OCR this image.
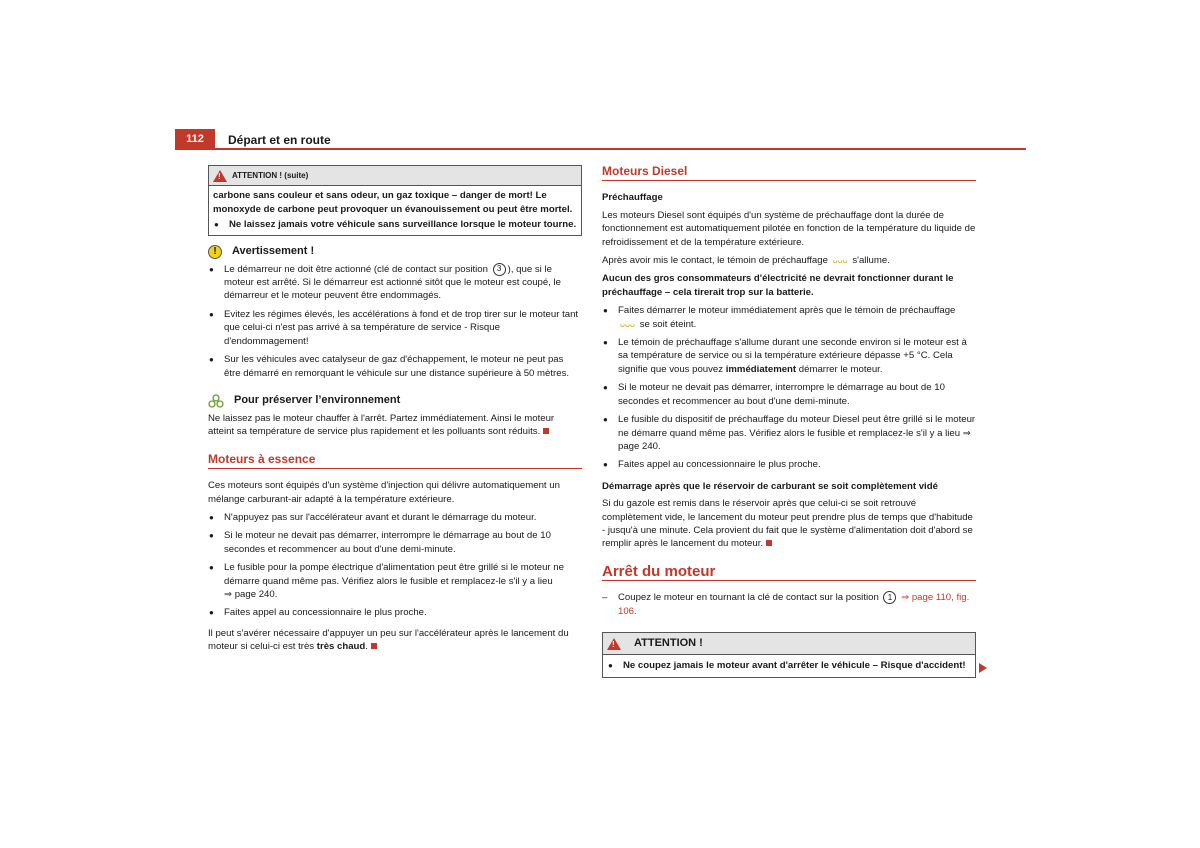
112	Départ et en route
! ATTENTION ! (suite)

carbone sans couleur et sans odeur, un gaz toxique – danger de mort! Le monoxyde de carbone peut provoquer un évanouissement ou peut être mortel.

● Ne laissez jamais votre véhicule sans surveillance lorsque le moteur tourne.
!	Avertissement !
● Le démarreur ne doit être actionné (clé de contact sur position 3 ), que si le moteur est arrêté. Si le démarreur est actionné sitôt que le moteur est coupé, le démarreur et le moteur peuvent être endommagés.
● Evitez les régimes élevés, les accélérations à fond et de trop tirer sur le moteur tant que celui-ci n'est pas arrivé à sa température de service - Risque d'endommagement!
● Sur les véhicules avec catalyseur de gaz d'échappement, le moteur ne peut pas être démarré en remorquant le véhicule sur une distance supérieure à 50 mètres.
Pour préserver l’environnement

Ne laissez pas le moteur chauffer à l'arrêt. Partez immédiatement. Ainsi le moteur atteint sa température de service plus rapidement et les polluants sont réduits.

Moteurs à essence

Ces moteurs sont équipés d'un système d'injection qui délivre automatiquement un mélange carburant-air adapté à la température extérieure.

● N'appuyez pas sur l'accélérateur avant et durant le démarrage du moteur.
● Si le moteur ne devait pas démarrer, interrompre le démarrage au bout de 10 secondes et recommencer au bout d'une demi-minute.
● Le fusible pour la pompe électrique d'alimentation peut être grillé si le moteur ne démarre quand même pas. Vérifiez alors le fusible et remplacez-le s'il y a lieu
⇒ page 240.
● Faites appel au concessionnaire le plus proche.

Il peut s'avérer nécessaire d'appuyer un peu sur l'accélérateur après le lancement du moteur si celui-ci est très très chaud.

Moteurs Diesel
Préchauffage

Les moteurs Diesel sont équipés d'un système de préchauffage dont la durée de fonctionnement est automatiquement pilotée en fonction de la température du liquide de refroidissement et de la température extérieure.

Après avoir mis le contact, le témoin de préchauffage ᴗᴗᴗ s'allume.

Aucun des gros consommateurs d'électricité ne devrait fonctionner durant le préchauffage – cela tirerait trop sur la batterie.

● Faites démarrer le moteur immédiatement après que le témoin de préchauffage
ᴗᴗᴗ se soit éteint.
● Le témoin de préchauffage s'allume durant une seconde environ si le moteur est à sa température de service ou si la température extérieure dépasse +5 °C. Cela signifie que vous pouvez immédiatement démarrer le moteur.
● Si le moteur ne devait pas démarrer, interrompre le démarrage au bout de 10 secondes et recommencer au bout d'une demi-minute.
● Le fusible du dispositif de préchauffage du moteur Diesel peut être grillé si le moteur ne démarre quand même pas. Vérifiez alors le fusible et remplacez-le s'il y a lieu ⇒ page 240.
● Faites appel au concessionnaire le plus proche.
Démarrage après que le réservoir de carburant se soit complètement vidé

Si du gazole est remis dans le réservoir après que celui-ci se soit retrouvé complètement vide, le lancement du moteur peut prendre plus de temps que d'habitude - jusqu'à une minute. Cela provient du fait que le système d'alimentation doit d'abord se remplir après le lancement du moteur.

Arrêt du moteur
– Coupez le moteur en tournant la clé de contact sur la position 1 ⇒ page 110, fig. 106.
! ATTENTION !
● Ne coupez jamais le moteur avant d'arrêter le véhicule – Risque d'accident!
